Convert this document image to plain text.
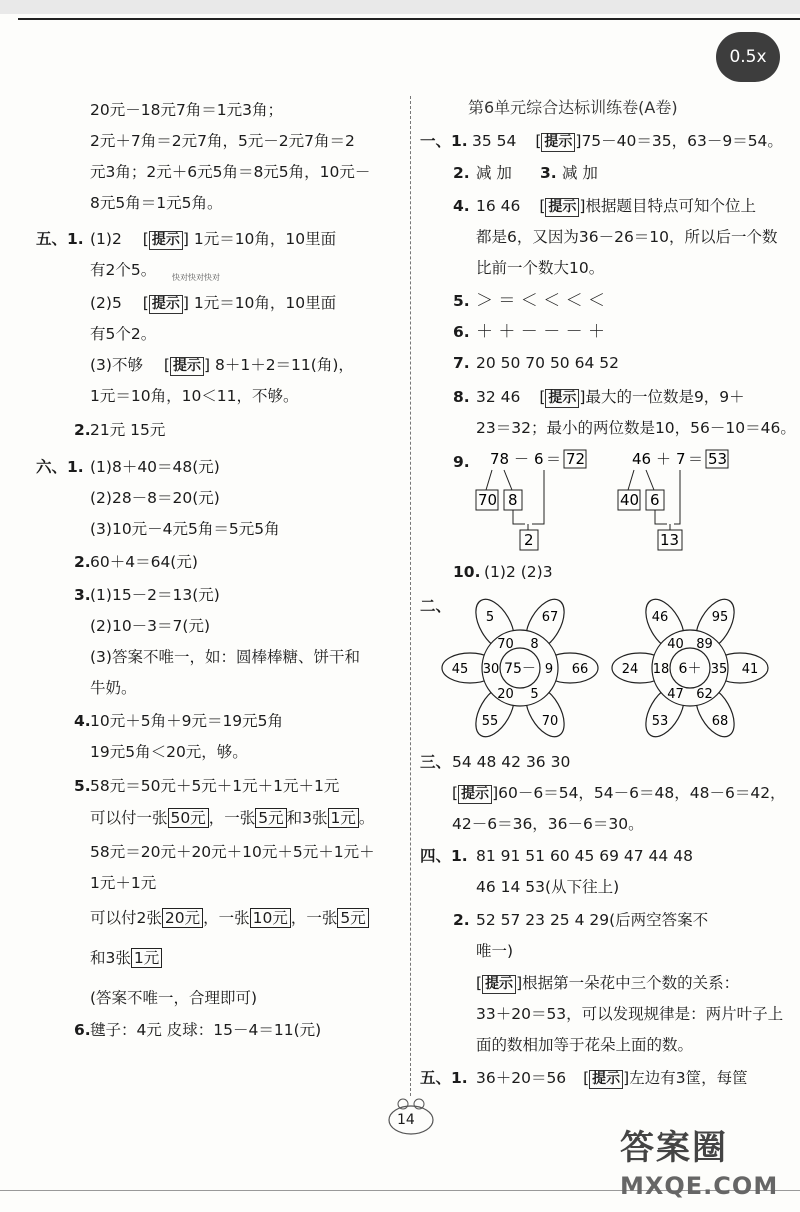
0.5x
20元－18元7角＝1元3角；
2元＋7角＝2元7角，5元－2元7角＝2
元3角；2元＋6元5角＝8元5角，10元－
8元5角＝1元5角。
五、1. (1)2 [ 提示 ] 1元＝10角，10里面
有2个5。 快对快对快对
(2)5 [ 提示 ] 1元＝10角，10里面
有5个2。
(3)不够 [ 提示 ] 8＋1＋2＝11(角)，
1元＝10角，10＜11，不够。
2. 21元 15元
六、1. (1)8＋40＝48(元)
(2)28－8＝20(元)
(3)10元－4元5角＝5元5角
2. 60＋4＝64(元)
3. (1)15－2＝13(元)
(2)10－3＝7(元)
(3)答案不唯一，如：圆棒棒糖、饼干和
牛奶。
4. 10元＋5角＋9元＝19元5角
19元5角＜20元，够。
5. 58元＝50元＋5元＋1元＋1元＋1元
可以付一张 50元 ，一张 5元 和3张 1元 。
58元＝20元＋20元＋10元＋5元＋1元＋
1元＋1元
可以付2张 20元 ，一张 10元 ，一张 5元
和3张 1元
(答案不唯一，合理即可)
6. 毽子：4元 皮球：15－4＝11(元)
第6单元综合达标训练卷(A卷)
一、1. 35 54 [ 提示 ]75－40＝35，63－9＝54。
2. 减 加 3. 减 加
4. 16 46 [ 提示 ]根据题目特点可知个位上
都是6，又因为36－26＝10，所以后一个数
比前一个数大10。
5. ＞ ＝ ＜ ＜ ＜ ＜
6. ＋ ＋ － － － ＋
7. 20 50 70 50 64 52
8. 32 46 [ 提示 ]最大的一位数是9，9＋
23＝32；最小的两位数是10，56－10＝46。
9. 78 － 6 ＝ 72
70 8
2
46 ＋ 7 ＝ 53
40 6
13
10. (1)2 (2)3
二、
75－
70
5
8
67
9 66
5
70
20
55
30
45	6＋
40
46
89
95
35 41
62
68
47
53
18
24
三、 54 48 42 36 30
[ 提示 ]60－6＝54，54－6＝48，48－6＝42，
42－6＝36，36－6＝30。
四、1. 81 91 51 60 45 69 47 44 48
46 14 53(从下往上)
2. 52 57 23 25 4 29(后两空答案不
唯一)
[ 提示 ]根据第一朵花中三个数的关系：
33＋20＝53，可以发现规律是：两片叶子上
面的数相加等于花朵上面的数。
五、1. 36＋20＝56 [ 提示 ]左边有3筐，每筐
14
答案圈
MXQE.COM
